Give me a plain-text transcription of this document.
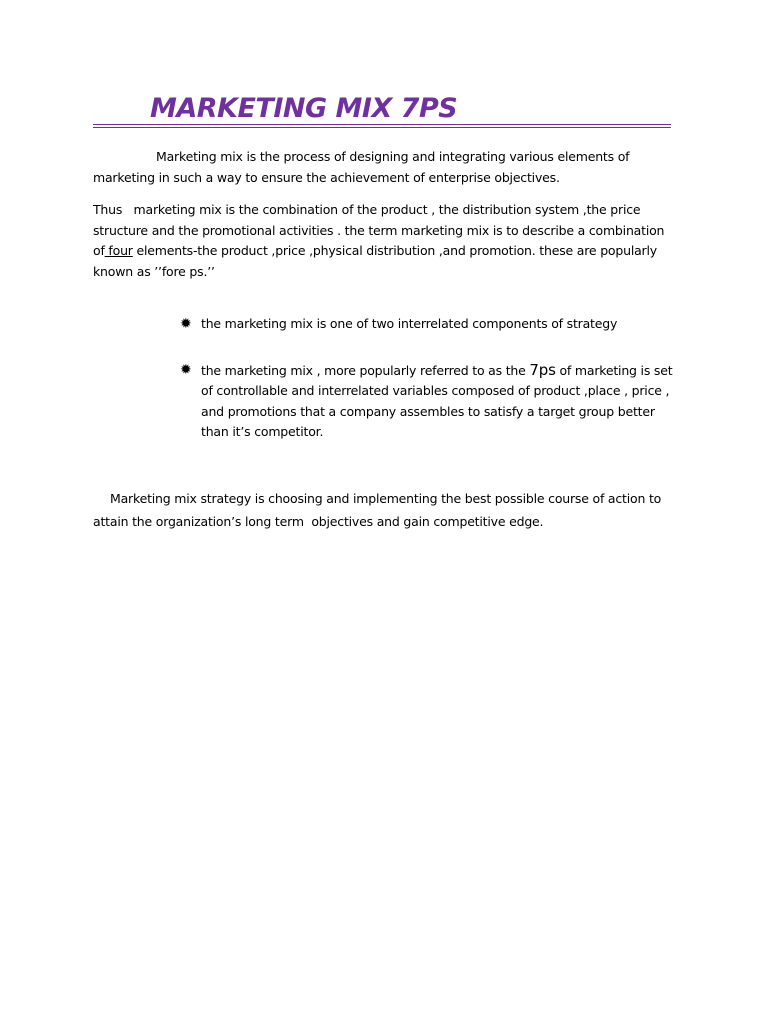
MARKETING MIX 7PS

Marketing mix is the process of designing and integrating various elements of marketing in such a way to ensure the achievement of enterprise objectives.

Thus   marketing mix is the combination of the product , the distribution system ,the price structure and the promotional activities . the term marketing mix is to describe a combination of four elements-the product ,price ,physical distribution ,and promotion. these are popularly known as ’’fore ps.’’

✹ the marketing mix is one of two interrelated components of strategy
✹ the marketing mix , more popularly referred to as the 7ps of marketing is set of controllable and interrelated variables composed of product ,place , price , and promotions that a company assembles to satisfy a target group better than it’s competitor.

Marketing mix strategy is choosing and implementing the best possible course of action to attain the organization’s long term  objectives and gain competitive edge.
